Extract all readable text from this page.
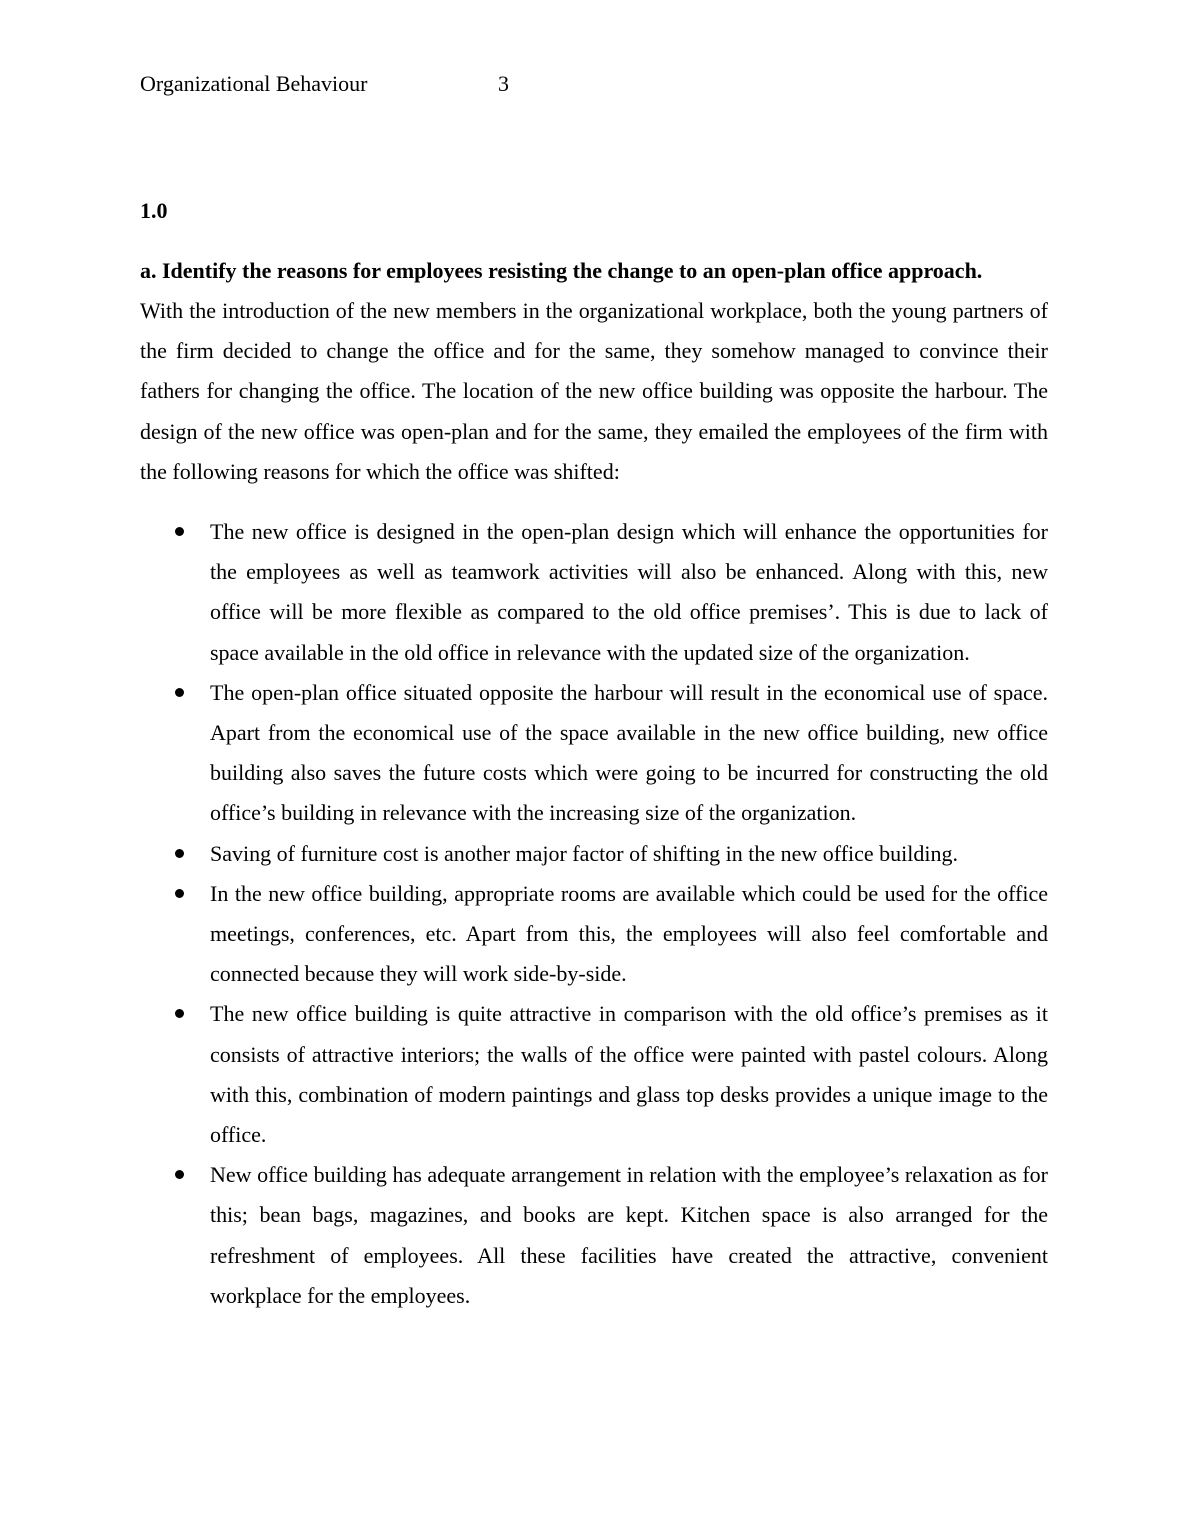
Organizational Behaviour	3
1.0
a. Identify the reasons for employees resisting the change to an open-plan office approach.

With the introduction of the new members in the organizational workplace, both the young partners of the firm decided to change the office and for the same, they somehow managed to convince their fathers for changing the office. The location of the new office building was opposite the harbour. The design of the new office was open-plan and for the same, they emailed the employees of the firm with the following reasons for which the office was shifted:

The new office is designed in the open-plan design which will enhance the opportunities for the employees as well as teamwork activities will also be enhanced. Along with this, new office will be more flexible as compared to the old office premises’. This is due to lack of space available in the old office in relevance with the updated size of the organization.
The open-plan office situated opposite the harbour will result in the economical use of space. Apart from the economical use of the space available in the new office building, new office building also saves the future costs which were going to be incurred for constructing the old office’s building in relevance with the increasing size of the organization.
Saving of furniture cost is another major factor of shifting in the new office building.
In the new office building, appropriate rooms are available which could be used for the office meetings, conferences, etc. Apart from this, the employees will also feel comfortable and connected because they will work side-by-side.
The new office building is quite attractive in comparison with the old office’s premises as it consists of attractive interiors; the walls of the office were painted with pastel colours. Along with this, combination of modern paintings and glass top desks provides a unique image to the office.
New office building has adequate arrangement in relation with the employee’s relaxation as for this; bean bags, magazines, and books are kept. Kitchen space is also arranged for the refreshment of employees. All these facilities have created the attractive, convenient workplace for the employees.
